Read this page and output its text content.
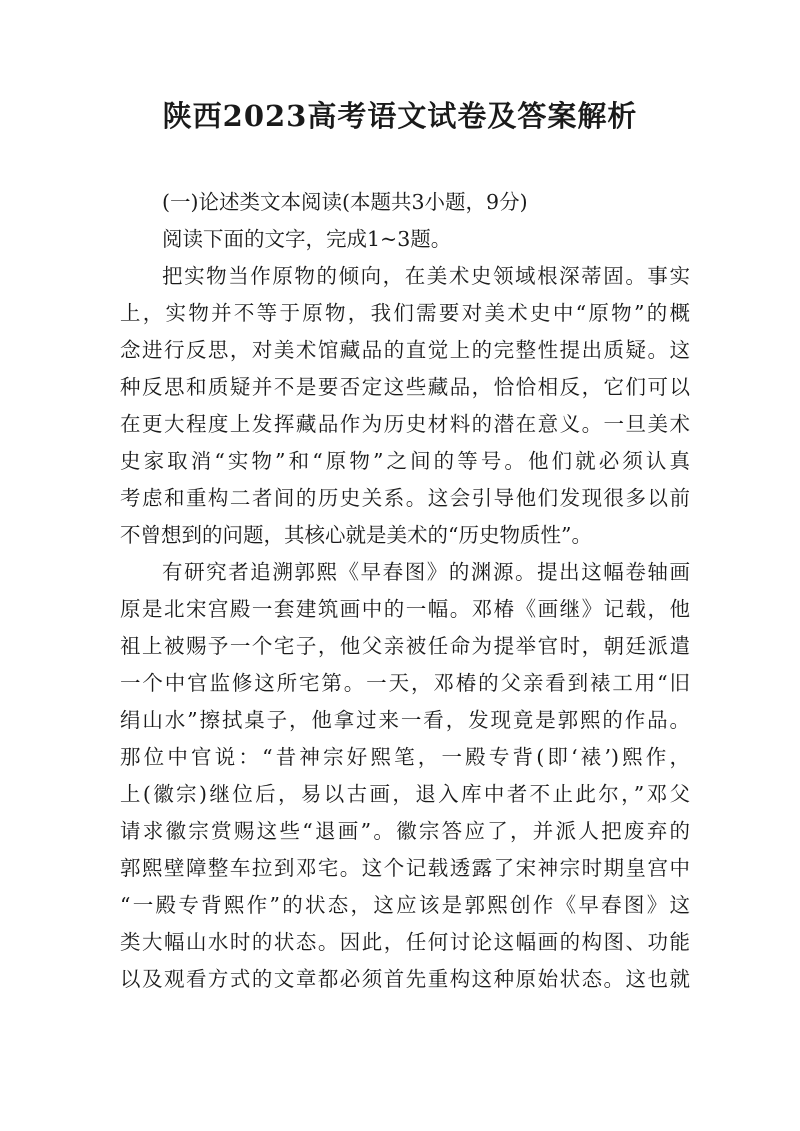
陕西2023高考语文试卷及答案解析
(一)论述类文本阅读(本题共3小题，9分)
阅读下面的文字，完成1~3题。
把实物当作原物的倾向，在美术史领域根深蒂固。事实
上，实物并不等于原物，我们需要对美术史中“原物”的概
念进行反思，对美术馆藏品的直觉上的完整性提出质疑。这
种反思和质疑并不是要否定这些藏品，恰恰相反，它们可以
在更大程度上发挥藏品作为历史材料的潜在意义。一旦美术
史家取消“实物”和“原物”之间的等号。他们就必须认真
考虑和重构二者间的历史关系。这会引导他们发现很多以前
不曾想到的问题，其核心就是美术的“历史物质性”。
有研究者追溯郭熙《早春图》的渊源。提出这幅卷轴画
原是北宋宫殿一套建筑画中的一幅。邓椿《画继》记载，他
祖上被赐予一个宅子，他父亲被任命为提举官时，朝廷派遣
一个中官监修这所宅第。一天，邓椿的父亲看到裱工用“旧
绢山水”擦拭桌子，他拿过来一看，发现竟是郭熙的作品。
那位中官说：“昔神宗好熙笔，一殿专背(即‘裱’)熙作，
上(徽宗)继位后，易以古画，退入库中者不止此尔，”邓父
请求徽宗赏赐这些“退画”。徽宗答应了，并派人把废弃的
郭熙壁障整车拉到邓宅。这个记载透露了宋神宗时期皇宫中
“一殿专背熙作”的状态，这应该是郭熙创作《早春图》这
类大幅山水时的状态。因此，任何讨论这幅画的构图、功能
以及观看方式的文章都必须首先重构这种原始状态。这也就
